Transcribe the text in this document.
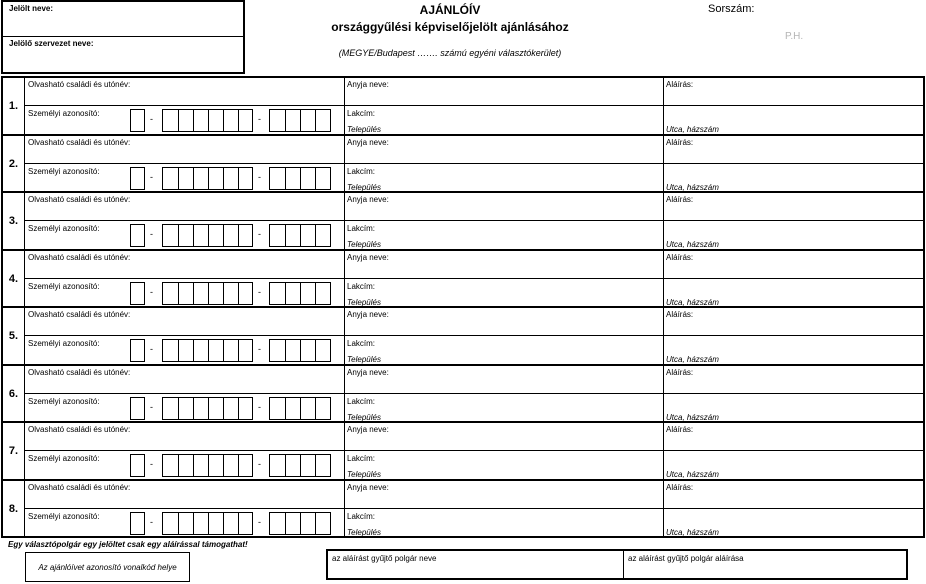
Jelölt neve:
Jelölő szervezet neve:
AJÁNLÓÍV
országgyűlési képviselőjelölt ajánlásához
(MEGYE/Budapest ……. számú egyéni választókerület)
Sorszám:
P.H.
1.
Olvasható családi és utónév:	Anyja neve:	Aláírás:
Személyi azonosító:	Lakcím:
Település	Utca, házszám
-	-
2.
Olvasható családi és utónév:	Anyja neve:	Aláírás:
Személyi azonosító:	Lakcím:
Település	Utca, házszám
-	-
3.
Olvasható családi és utónév:	Anyja neve:	Aláírás:
Személyi azonosító:	Lakcím:
Település	Utca, házszám
-	-
4.
Olvasható családi és utónév:	Anyja neve:	Aláírás:
Személyi azonosító:	Lakcím:
Település	Utca, házszám
-	-
5.
Olvasható családi és utónév:	Anyja neve:	Aláírás:
Személyi azonosító:	Lakcím:
Település	Utca, házszám
-	-
6.
Olvasható családi és utónév:	Anyja neve:	Aláírás:
Személyi azonosító:	Lakcím:
Település	Utca, házszám
-	-
7.
Olvasható családi és utónév:	Anyja neve:	Aláírás:
Személyi azonosító:	Lakcím:
Település	Utca, házszám
-	-
8.
Olvasható családi és utónév:	Anyja neve:	Aláírás:
Személyi azonosító:	Lakcím:
Település	Utca, házszám
-	-
Egy választópolgár egy jelöltet csak egy aláírással támogathat!
Az ajánlóívet azonosító vonalkód helye
az aláírást gyűjtő polgár neve	az aláírást gyűjtő polgár aláírása
